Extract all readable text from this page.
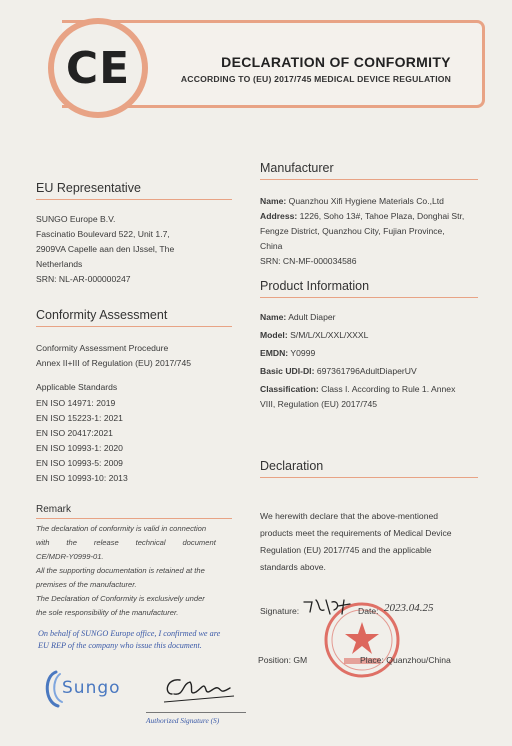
CE	DECLARATION OF CONFORMITY
ACCORDING TO (EU) 2017/745 MEDICAL DEVICE REGULATION
EU Representative
SUNGO Europe B.V.
Fascinatio Boulevard 522, Unit 1.7,
2909VA Capelle aan den IJssel, The
Netherlands
SRN: NL-AR-000000247
Conformity Assessment
Conformity Assessment Procedure
Annex II+III of Regulation (EU) 2017/745
Applicable Standards
EN ISO 14971: 2019
EN ISO 15223-1: 2021
EN ISO 20417:2021
EN ISO 10993-1: 2020
EN ISO 10993-5: 2009
EN ISO 10993-10: 2013
Remark
The declaration of conformity is valid in connection
with        the        release        technical        document
CE/MDR-Y0999-01.
All the supporting documentation is retained at the
premises of the manufacturer.
The Declaration of Conformity is exclusively under
the sole responsibility of the manufacturer.
On behalf of SUNGO Europe office, I confirmed we are
EU REP of the company who issue this document.
Sungo
Authorized Signature (S)
Manufacturer
Name: Quanzhou Xifi Hygiene Materials Co.,Ltd
Address: 1226, Soho 13#, Tahoe Plaza, Donghai Str,
Fengze District, Quanzhou City, Fujian Province,
China
SRN: CN-MF-000034586
Product Information
Name: Adult Diaper
Model: S/M/L/XL/XXL/XXXL
EMDN: Y0999
Basic UDI-DI: 697361796AdultDiaperUV
Classification: Class I. According to Rule 1. Annex
VIII, Regulation (EU) 2017/745
Declaration
We herewith declare that the above-mentioned
products meet the requirements of Medical Device
Regulation (EU) 2017/745 and the applicable
standards above.
Signature:	Date: 2023.04.25
Position: GM	Place: Quanzhou/China
